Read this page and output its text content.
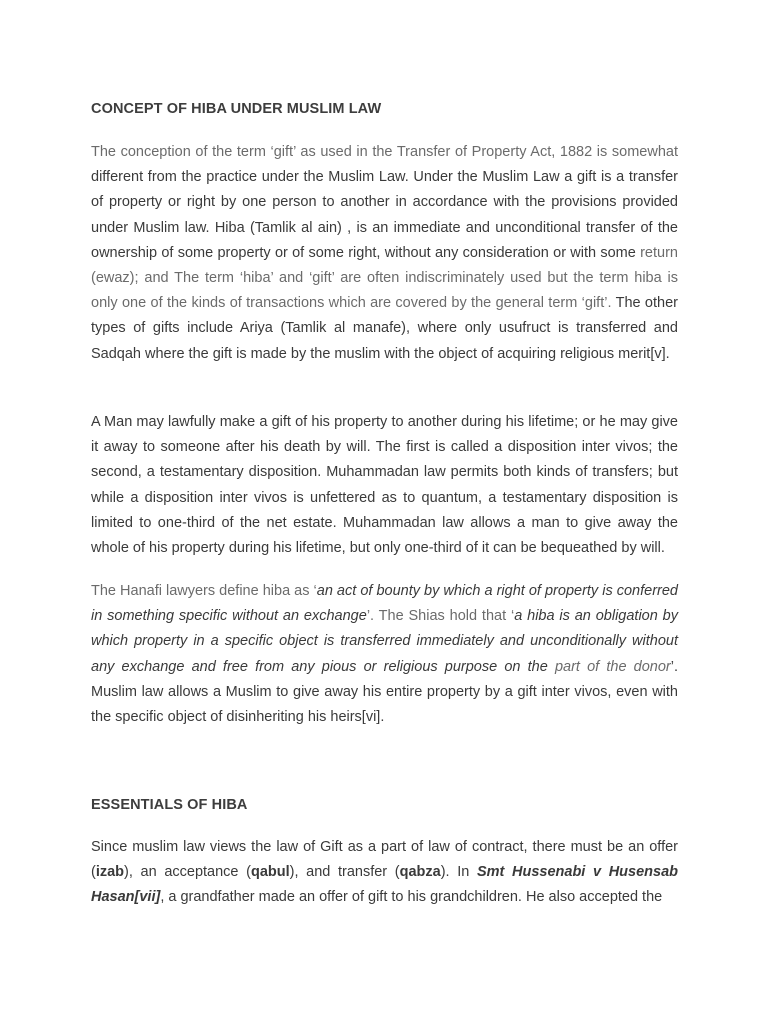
CONCEPT OF HIBA UNDER MUSLIM LAW

The conception of the term ‘gift’ as used in the Transfer of Property Act, 1882 is somewhat different from the practice under the Muslim Law. Under the Muslim Law a gift is a transfer of property or right by one person to another in accordance with the provisions provided under Muslim law. Hiba (Tamlik al ain) , is an immediate and unconditional transfer of the ownership of some property or of some right, without any consideration or with some return (ewaz); and The term ‘hiba’ and ‘gift’ are often indiscriminately used but the term hiba is only one of the kinds of transactions which are covered by the general term ‘gift’. The other types of gifts include Ariya (Tamlik al manafe), where only usufruct is transferred and Sadqah where the gift is made by the muslim with the object of acquiring religious merit[v].

A Man may lawfully make a gift of his property to another during his lifetime; or he may give it away to someone after his death by will. The first is called a disposition inter vivos; the second, a testamentary disposition. Muhammadan law permits both kinds of transfers; but while a disposition inter vivos is unfettered as to quantum, a testamentary disposition is limited to one-third of the net estate. Muhammadan law allows a man to give away the whole of his property during his lifetime, but only one-third of it can be bequeathed by will.

The Hanafi lawyers define hiba as ‘an act of bounty by which a right of property is conferred in something specific without an exchange’. The Shias hold that ‘a hiba is an obligation by which property in a specific object is transferred immediately and unconditionally without any exchange and free from any pious or religious purpose on the part of the donor’. Muslim law allows a Muslim to give away his entire property by a gift inter vivos, even with the specific object of disinheriting his heirs[vi].

ESSENTIALS OF HIBA

Since muslim law views the law of Gift as a part of law of contract, there must be an offer (izab), an acceptance (qabul), and transfer (qabza). In Smt Hussenabi v Husensab Hasan[vii], a grandfather made an offer of gift to his grandchildren. He also accepted the
